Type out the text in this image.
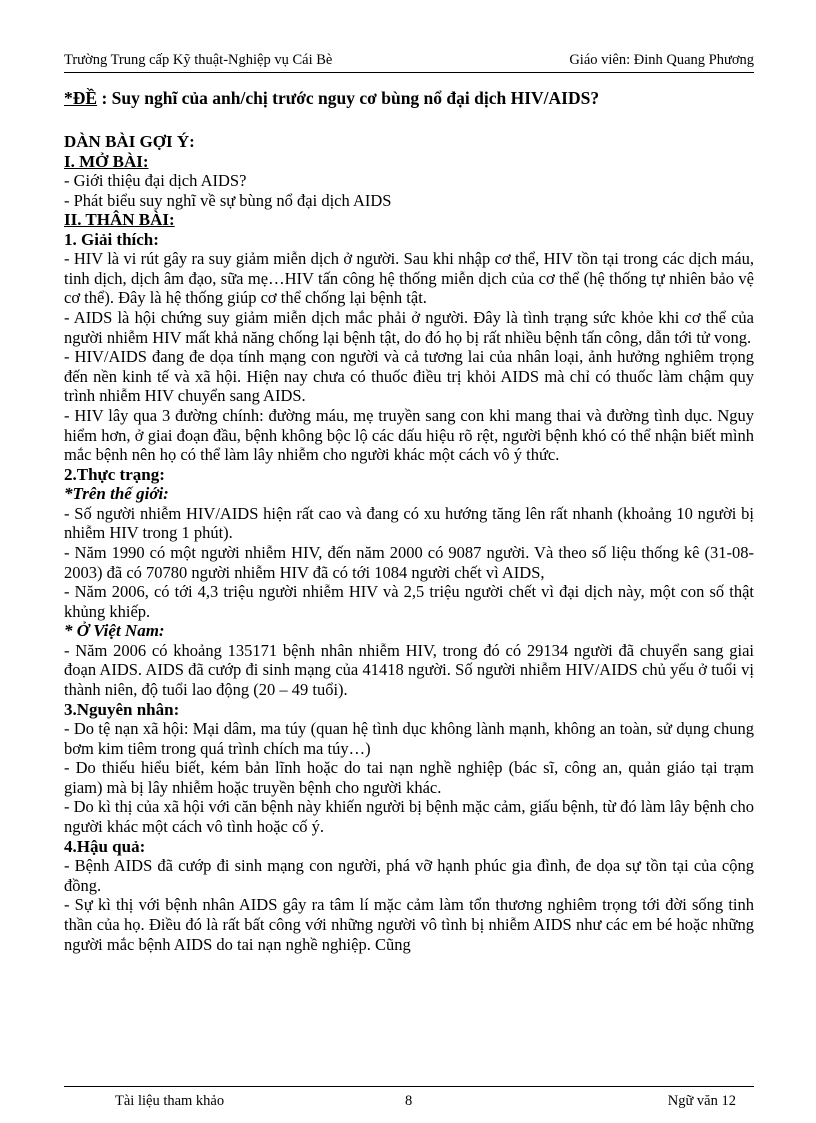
Trường Trung cấp Kỹ thuật-Nghiệp vụ Cái Bè	Giáo viên: Đinh Quang Phương

*ĐỀ : Suy nghĩ của anh/chị trước nguy cơ bùng nổ đại dịch HIV/AIDS?

DÀN BÀI GỢI Ý:

I. MỞ BÀI:

- Giới thiệu đại dịch AIDS?

- Phát biểu suy nghĩ về sự bùng nổ đại dịch AIDS

II. THÂN BÀI:

1. Giải thích:

- HIV là vi rút gây ra suy giảm miễn dịch ở người. Sau khi nhập cơ thể, HIV tồn tại trong các dịch máu, tinh dịch, dịch âm đạo, sữa mẹ…HIV tấn công hệ thống miễn dịch của cơ thể (hệ thống tự nhiên bảo vệ cơ thể). Đây là hệ thống giúp cơ thể chống lại bệnh tật.

- AIDS là hội chứng suy giảm miễn dịch mắc phải ở người. Đây là tình trạng sức khỏe khi cơ thể của người nhiễm HIV mất khả năng chống lại bệnh tật, do đó họ bị rất nhiều bệnh tấn công, dẫn tới tử vong.

- HIV/AIDS đang đe dọa tính mạng con người và cả tương lai của nhân loại, ảnh hưởng nghiêm trọng đến nền kinh tế và xã hội. Hiện nay chưa có thuốc điều trị khỏi AIDS mà chỉ có thuốc làm chậm quy trình nhiễm HIV chuyển sang AIDS.

- HIV lây qua 3 đường chính: đường máu, mẹ truyền sang con khi mang thai và đường tình dục. Nguy hiểm hơn, ở giai đoạn đầu, bệnh không bộc lộ các dấu hiệu rõ rệt, người bệnh khó có thể nhận biết mình mắc bệnh nên họ có thể làm lây nhiễm cho người khác một cách vô ý thức.

2.Thực trạng:

*Trên thế giới:

- Số người nhiễm HIV/AIDS hiện rất cao và đang có xu hướng tăng lên rất nhanh (khoảng 10 người bị nhiễm HIV trong 1 phút).

- Năm 1990 có một người nhiễm HIV, đến năm 2000 có 9087 người. Và theo số liệu thống kê (31-08-2003) đã có 70780 người nhiễm HIV đã có tới 1084 người chết vì AIDS,

- Năm 2006, có tới 4,3 triệu người nhiễm HIV và 2,5 triệu người chết vì đại dịch này, một con số thật khủng khiếp.

* Ở Việt Nam:

- Năm 2006 có khoảng 135171 bệnh nhân nhiễm HIV, trong đó có 29134 người đã chuyển sang giai đoạn AIDS. AIDS đã cướp đi sinh mạng của 41418 người. Số người nhiễm HIV/AIDS chủ yếu ở tuổi vị thành niên, độ tuổi lao động (20 – 49 tuổi).

3.Nguyên nhân:

- Do tệ nạn xã hội: Mại dâm, ma túy (quan hệ tình dục không lành mạnh, không an toàn, sử dụng chung bơm kim tiêm trong quá trình chích ma túy…)

- Do thiếu hiểu biết, kém bản lĩnh hoặc do tai nạn nghề nghiệp (bác sĩ, công an, quản giáo tại trạm giam) mà bị lây nhiễm hoặc truyền bệnh cho người khác.

- Do kì thị của xã hội với căn bệnh này khiến người bị bệnh mặc cảm, giấu bệnh, từ đó làm lây bệnh cho người khác một cách vô tình hoặc cố ý.

4.Hậu quả:

- Bệnh AIDS đã cướp đi sinh mạng con người, phá vỡ hạnh phúc gia đình, đe dọa sự tồn tại của cộng đồng.

- Sự kì thị với bệnh nhân AIDS gây ra tâm lí mặc cảm làm tổn thương nghiêm trọng tới đời sống tinh thần của họ. Điều đó là rất bất công với những người vô tình bị nhiễm AIDS như các em bé hoặc những người mắc bệnh AIDS do tai nạn nghề nghiệp. Cũng

Tài liệu tham khảo	8	Ngữ văn 12
